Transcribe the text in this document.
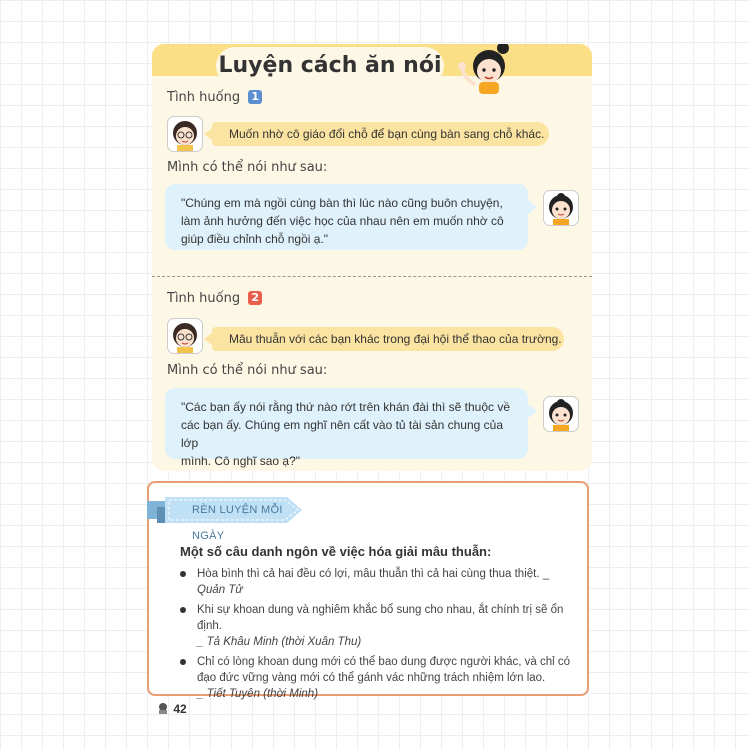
Luyện cách ăn nói
Tình huống 1
Muốn nhờ cô giáo đổi chỗ để bạn cùng bàn sang chỗ khác.
Mình có thể nói như sau:
"Chúng em mà ngồi cùng bàn thì lúc nào cũng buôn chuyện,
làm ảnh hưởng đến việc học của nhau nên em muốn nhờ cô
giúp điều chỉnh chỗ ngồi ạ."
Tình huống 2
Mâu thuẫn với các bạn khác trong đại hội thể thao của trường.
Mình có thể nói như sau:
"Các bạn ấy nói rằng thứ nào rớt trên khán đài thì sẽ thuộc về
các bạn ấy. Chúng em nghĩ nên cất vào tủ tài sản chung của lớp
mình. Cô nghĩ sao ạ?"
RÈN LUYỆN MỖI NGÀY
Một số câu danh ngôn về việc hóa giải mâu thuẫn:
Hòa bình thì cả hai đều có lợi, mâu thuẫn thì cả hai cùng thua thiệt. _ Quản Tử
Khi sự khoan dung và nghiêm khắc bổ sung cho nhau, ắt chính trị sẽ ổn định.
_ Tả Khâu Minh (thời Xuân Thu)
Chỉ có lòng khoan dung mới có thể bao dung được người khác, và chỉ có đạo đức vững vàng mới có thể gánh vác những trách nhiệm lớn lao.
_ Tiết Tuyên (thời Minh)
42
